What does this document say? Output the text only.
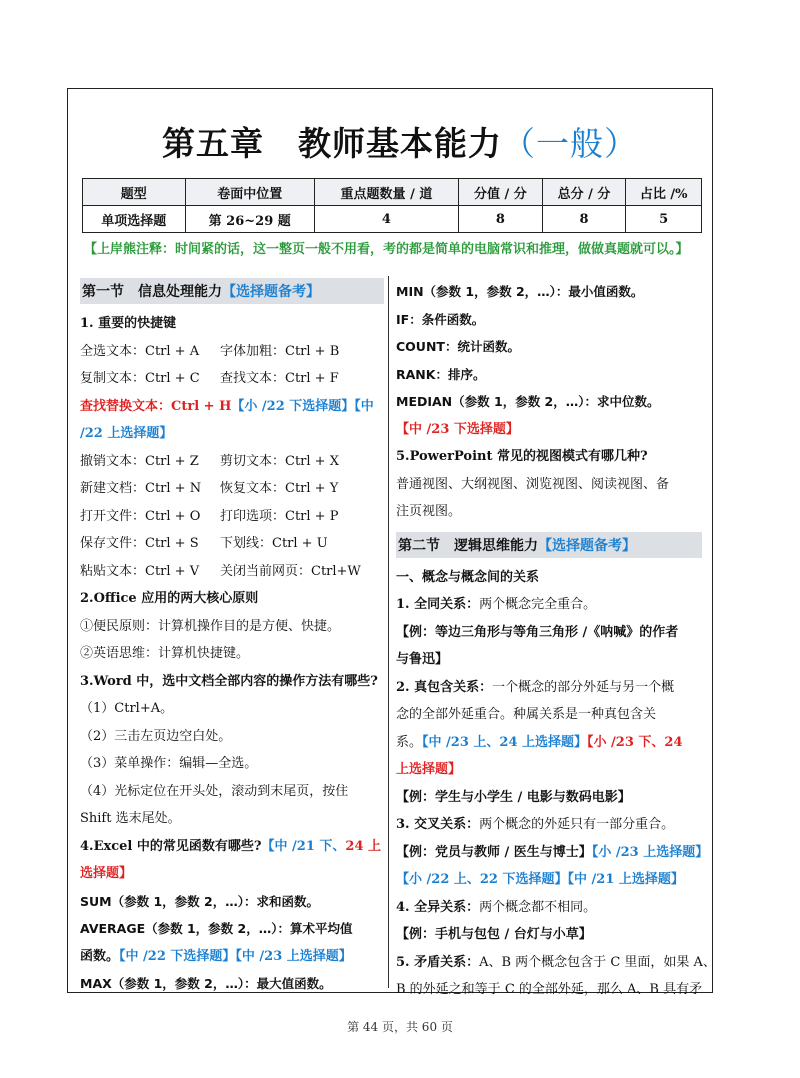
第五章　教师基本能力（一般）
题型	卷面中位置	重点题数量 / 道	分值 / 分	总分 / 分	占比 /%
单项选择题	第 26~29 题	4	8	8	5
【上岸熊注释：时间紧的话，这一整页一般不用看，考的都是简单的电脑常识和推理，做做真题就可以。】
第一节　信息处理能力【选择题备考】
1. 重要的快捷键
全选文本：Ctrl + A	字体加粗：Ctrl + B
复制文本：Ctrl + C	查找文本：Ctrl + F
查找替换文本：Ctrl + H【小 /22 下选择题】【中
/22 上选择题】
撤销文本：Ctrl + Z	剪切文本：Ctrl + X
新建文档：Ctrl + N	恢复文本：Ctrl + Y
打开文件：Ctrl + O	打印选项：Ctrl + P
保存文件：Ctrl + S	下划线：Ctrl + U
粘贴文本：Ctrl + V	关闭当前网页：Ctrl+W
2.Office 应用的两大核心原则
①便民原则：计算机操作目的是方便、快捷。
②英语思维：计算机快捷键。
3.Word 中，选中文档全部内容的操作方法有哪些?
（1）Ctrl+A。
（2）三击左页边空白处。
（3）菜单操作：编辑—全选。
（4）光标定位在开头处，滚动到末尾页，按住
Shift 选末尾处。
4.Excel 中的常见函数有哪些?【中 /21 下、24 上
选择题】
SUM（参数 1，参数 2，…）：求和函数。
AVERAGE（参数 1，参数 2，…）：算术平均值
函数。【中 /22 下选择题】【中 /23 上选择题】
MAX（参数 1，参数 2，…）：最大值函数。
MIN（参数 1，参数 2，…）：最小值函数。
IF：条件函数。
COUNT：统计函数。
RANK：排序。
MEDIAN（参数 1，参数 2，…）：求中位数。
【中 /23 下选择题】
5.PowerPoint 常见的视图模式有哪几种?
普通视图、大纲视图、浏览视图、阅读视图、备
注页视图。
第二节　逻辑思维能力【选择题备考】
一、概念与概念间的关系
1. 全同关系：两个概念完全重合。
【例：等边三角形与等角三角形 /《呐喊》的作者
与鲁迅】
2. 真包含关系：一个概念的部分外延与另一个概
念的全部外延重合。种属关系是一种真包含关
系。【中 /23 上、24 上选择题】【小 /23 下、24
上选择题】
【例：学生与小学生 / 电影与数码电影】
3. 交叉关系：两个概念的外延只有一部分重合。
【例：党员与教师 / 医生与博士】【小 /23 上选择题】
【小 /22 上、22 下选择题】【中 /21 上选择题】
4. 全异关系：两个概念都不相同。
【例：手机与包包 / 台灯与小草】
5. 矛盾关系：A、B 两个概念包含于 C 里面，如果 A、
B 的外延之和等于 C 的全部外延，那么 A、B 具有矛
第 44 页，共 60 页
